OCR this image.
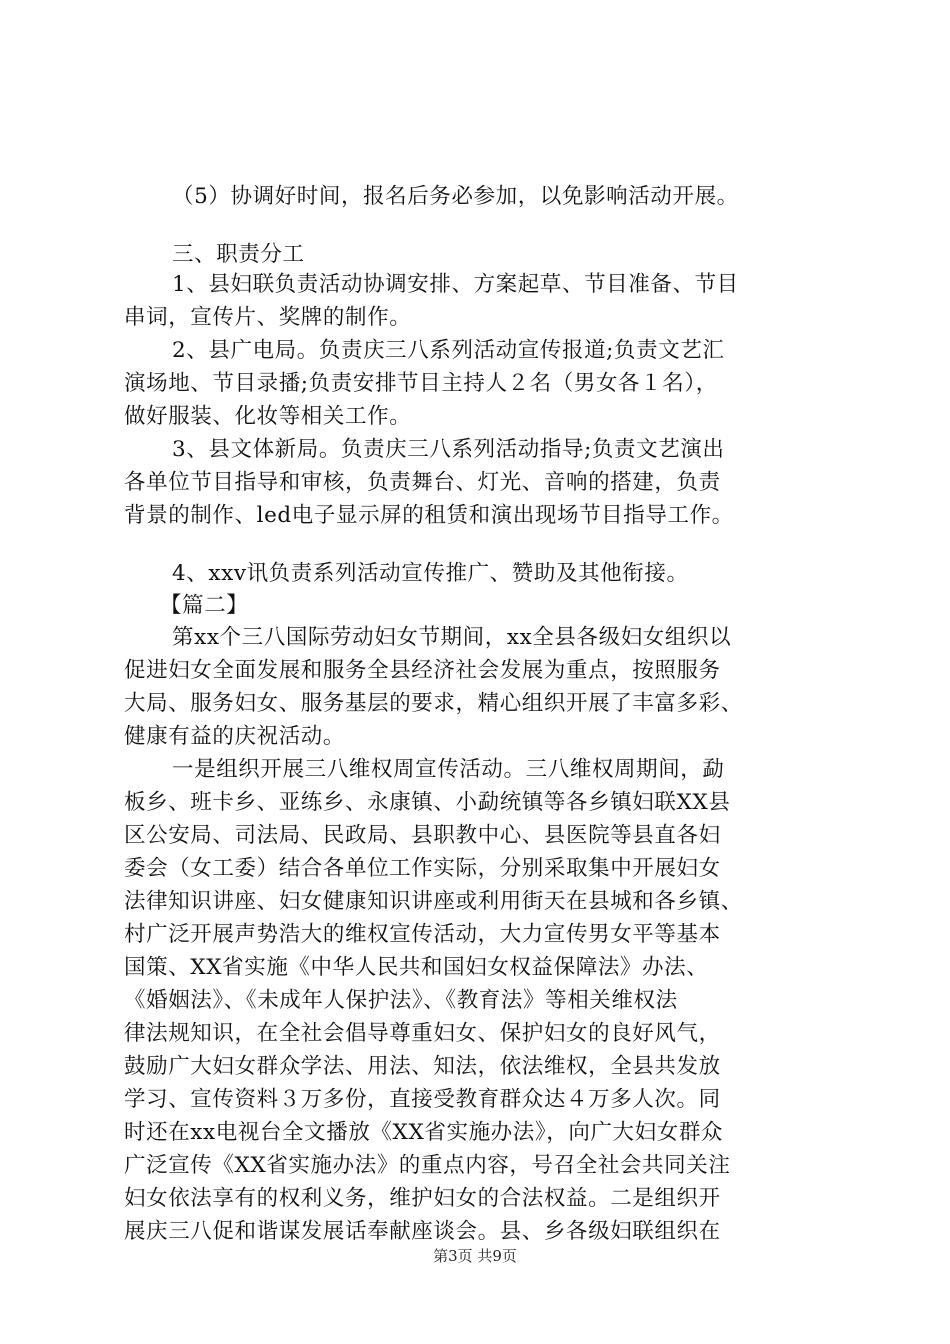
（5）协调好时间，报名后务必参加，以免影响活动开展。
三、职责分工
1、县妇联负责活动协调安排、方案起草、节目准备、节目
串词，宣传片、奖牌的制作。
2、县广电局。负责庆三八系列活动宣传报道;负责文艺汇
演场地、节目录播;负责安排节目主持人２名（男女各１名），
做好服装、化妆等相关工作。
3、县文体新局。负责庆三八系列活动指导;负责文艺演出
各单位节目指导和审核，负责舞台、灯光、音响的搭建，负责
背景的制作、led电子显示屏的租赁和演出现场节目指导工作。
4、xxv讯负责系列活动宣传推广、赞助及其他衔接。
【篇二】
第xx个三八国际劳动妇女节期间，xx全县各级妇女组织以
促进妇女全面发展和服务全县经济社会发展为重点，按照服务
大局、服务妇女、服务基层的要求，精心组织开展了丰富多彩、
健康有益的庆祝活动。
一是组织开展三八维权周宣传活动。三八维权周期间，勐
板乡、班卡乡、亚练乡、永康镇、小勐统镇等各乡镇妇联XX县
区公安局、司法局、民政局、县职教中心、县医院等县直各妇
委会（女工委）结合各单位工作实际，分别采取集中开展妇女
法律知识讲座、妇女健康知识讲座或利用街天在县城和各乡镇、
村广泛开展声势浩大的维权宣传活动，大力宣传男女平等基本
国策、XX省实施《中华人民共和国妇女权益保障法》办法、
《婚姻法》、《未成年人保护法》、《教育法》等相关维权法
律法规知识，在全社会倡导尊重妇女、保护妇女的良好风气，
鼓励广大妇女群众学法、用法、知法，依法维权，全县共发放
学习、宣传资料３万多份，直接受教育群众达４万多人次。同
时还在xx电视台全文播放《XX省实施办法》，向广大妇女群众
广泛宣传《XX省实施办法》的重点内容，号召全社会共同关注
妇女依法享有的权利义务，维护妇女的合法权益。二是组织开
展庆三八促和谐谋发展话奉献座谈会。县、乡各级妇联组织在
第3页 共9页
